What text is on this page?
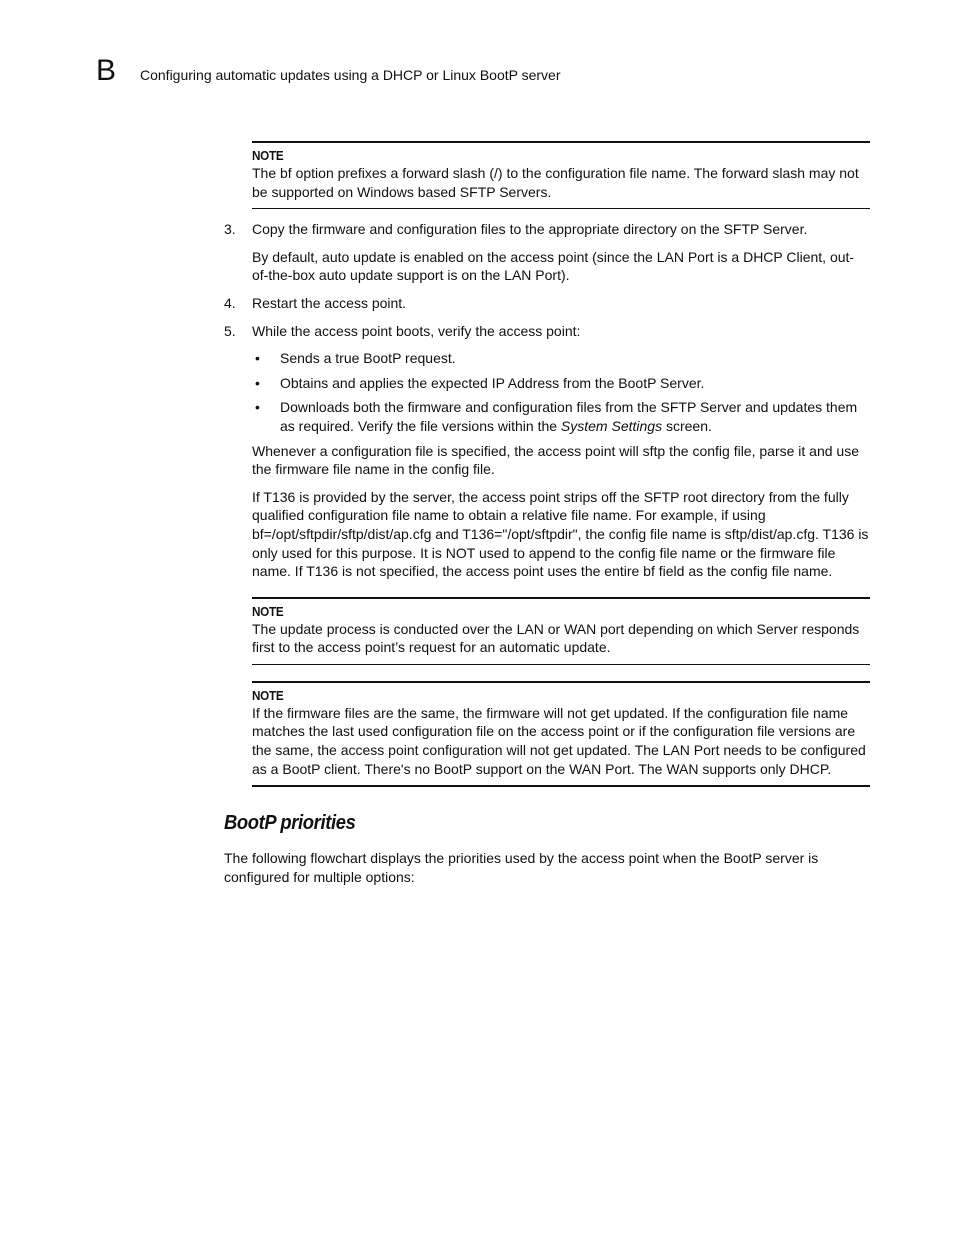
B Configuring automatic updates using a DHCP or Linux BootP server
NOTE

The bf option prefixes a forward slash (/) to the configuration file name. The forward slash may not be supported on Windows based SFTP Servers.

3.	Copy the firmware and configuration files to the appropriate directory on the SFTP Server.

By default, auto update is enabled on the access point (since the LAN Port is a DHCP Client, out-of-the-box auto update support is on the LAN Port).

4.	Restart the access point.

5.	While the access point boots, verify the access point:

•	Sends a true BootP request.

•	Obtains and applies the expected IP Address from the BootP Server.

•	Downloads both the firmware and configuration files from the SFTP Server and updates them as required. Verify the file versions within the System Settings screen.

Whenever a configuration file is specified, the access point will sftp the config file, parse it and use the firmware file name in the config file.

If T136 is provided by the server, the access point strips off the SFTP root directory from the fully qualified configuration file name to obtain a relative file name. For example, if using bf=/opt/sftpdir/sftp/dist/ap.cfg and T136="/opt/sftpdir", the config file name is sftp/dist/ap.cfg. T136 is only used for this purpose. It is NOT used to append to the config file name or the firmware file name. If T136 is not specified, the access point uses the entire bf field as the config file name.

NOTE

The update process is conducted over the LAN or WAN port depending on which Server responds first to the access point’s request for an automatic update.

NOTE

If the firmware files are the same, the firmware will not get updated. If the configuration file name matches the last used configuration file on the access point or if the configuration file versions are the same, the access point configuration will not get updated. The LAN Port needs to be configured as a BootP client. There's no BootP support on the WAN Port. The WAN supports only DHCP.

BootP priorities

The following flowchart displays the priorities used by the access point when the BootP server is configured for multiple options:
